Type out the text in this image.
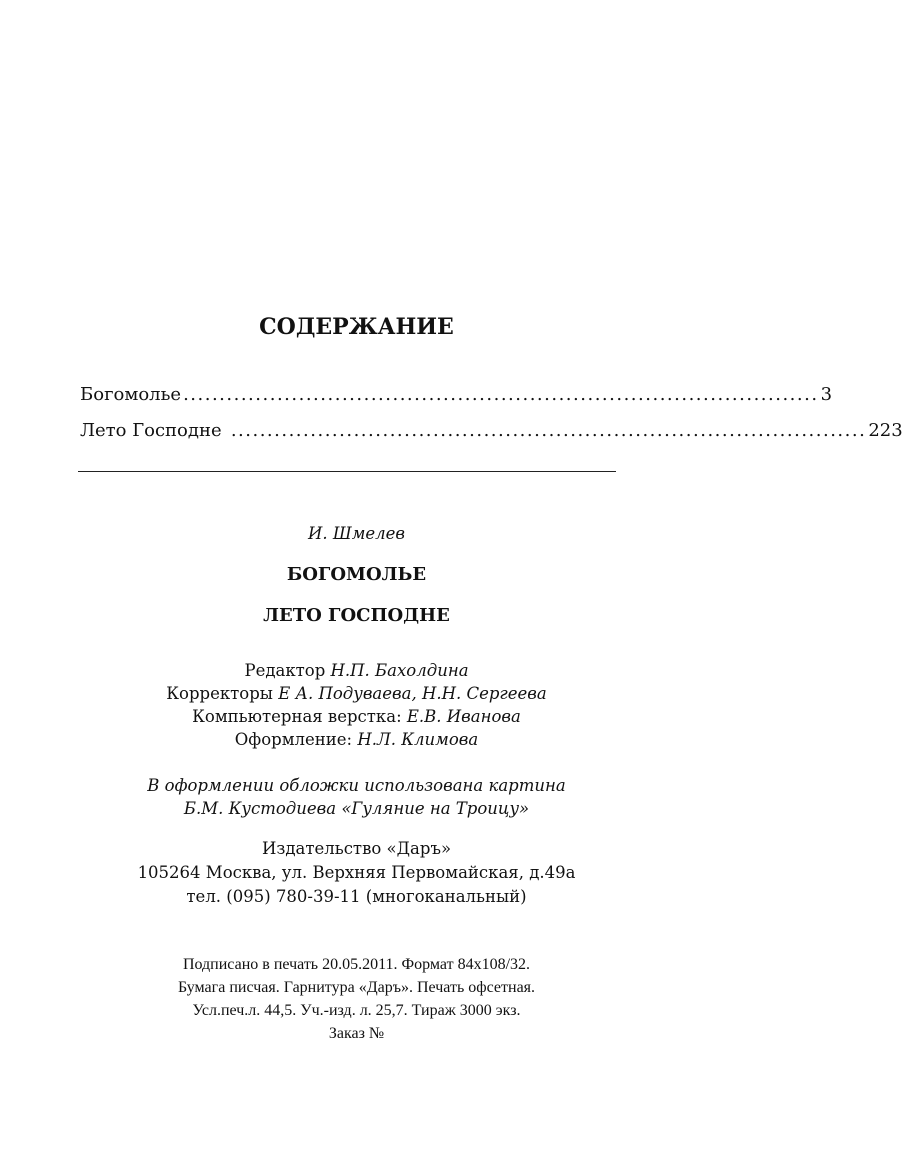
СОДЕРЖАНИЕ
Богомолье ........................................................................................ 3
Лето Господне ........................................................................................ 223
И. Шмелев
БОГОМОЛЬЕ
ЛЕТО ГОСПОДНЕ
Редактор Н.П. Бахолдина
Корректоры Е А. Подуваева, Н.Н. Сергеева
Компьютерная верстка: Е.В. Иванова
Оформление: Н.Л. Климова
В оформлении обложки использована картина
Б.М. Кустодиева «Гуляние на Троицу»
Издательство «Даръ»
105264 Москва, ул. Верхняя Первомайская, д.49а
тел. (095) 780-39-11 (многоканальный)
Подписано в печать 20.05.2011. Формат 84x108/32.
Бумага писчая. Гарнитура «Даръ». Печать офсетная.
Усл.печ.л. 44,5. Уч.-изд. л. 25,7. Тираж 3000 экз.
Заказ №
